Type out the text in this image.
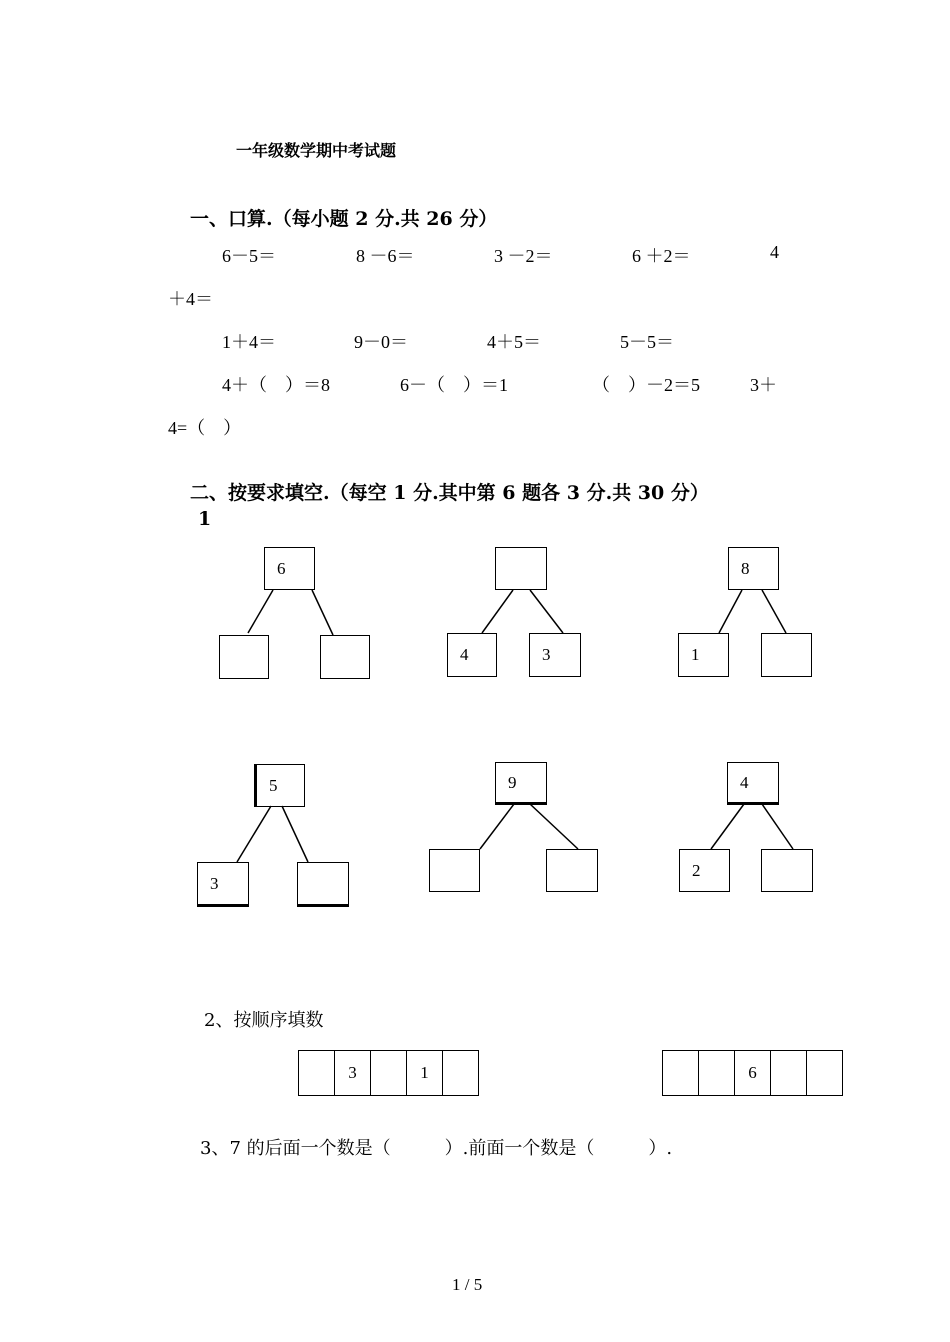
一年级数学期中考试题
一、口算.（每小题 2 分.共 26 分）
6－5＝	8 －6＝	3 －2＝	6 ＋2＝	4
＋4＝
1＋4＝	9－0＝	4＋5＝	5－5＝
4＋（　）＝8	6－（　）＝1	（　）－2＝5	3＋
4=（　）
二、按要求填空.（每空 1 分.其中第 6 题各 3 分.共 30 分）
1
6
4	3
8
1
5
3
9	4
2
2、按顺序填数
3	1	6
3、7 的后面一个数是（　　　）.前面一个数是（　　　）.
1 / 5
